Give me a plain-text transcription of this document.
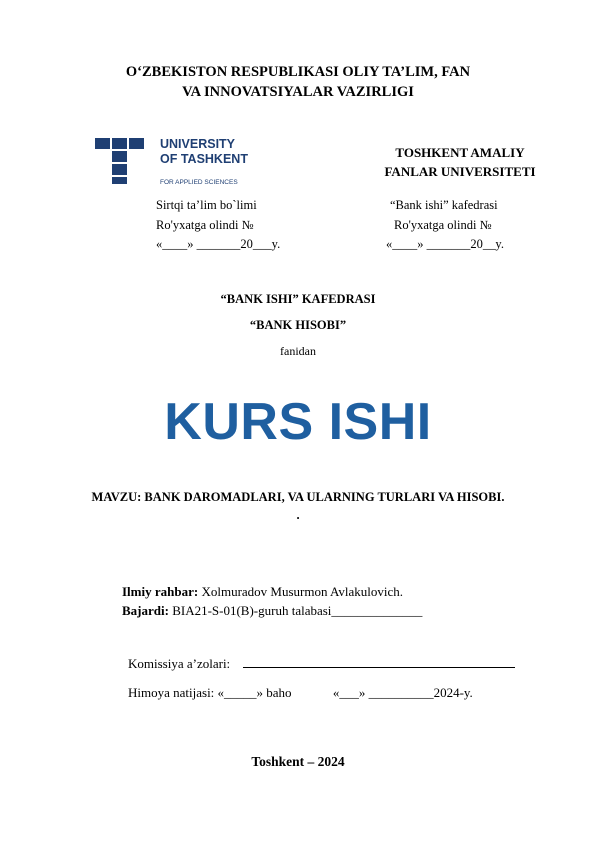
O‘ZBEKISTON RESPUBLIKASI OLIY TA’LIM, FAN
VA INNOVATSIYALAR VAZIRLIGI
UNIVERSITY
OF TASHKENT
FOR APPLIED SCIENCES
TOSHKENT AMALIY
FANLAR UNIVERSITETI
Sirtqi ta’lim bo`limi
Ro'yxatga olindi №
«____» _______20___y.
“Bank ishi” kafedrasi
Ro'yxatga olindi №
«____» _______20__y.
“BANK ISHI” KAFEDRASI
“BANK HISOBI”
fanidan
KURS ISHI
MAVZU: BANK DAROMADLARI, VA ULARNING TURLARI VA HISOBI.
.
Ilmiy rahbar: Xolmuradov Musurmon Avlakulovich.
Bajardi: BIA21-S-01(B)-guruh talabasi______________
Komissiya a’zolari:
Himoya natijasi: «_____» baho	«___» __________2024-y.
Toshkent – 2024
